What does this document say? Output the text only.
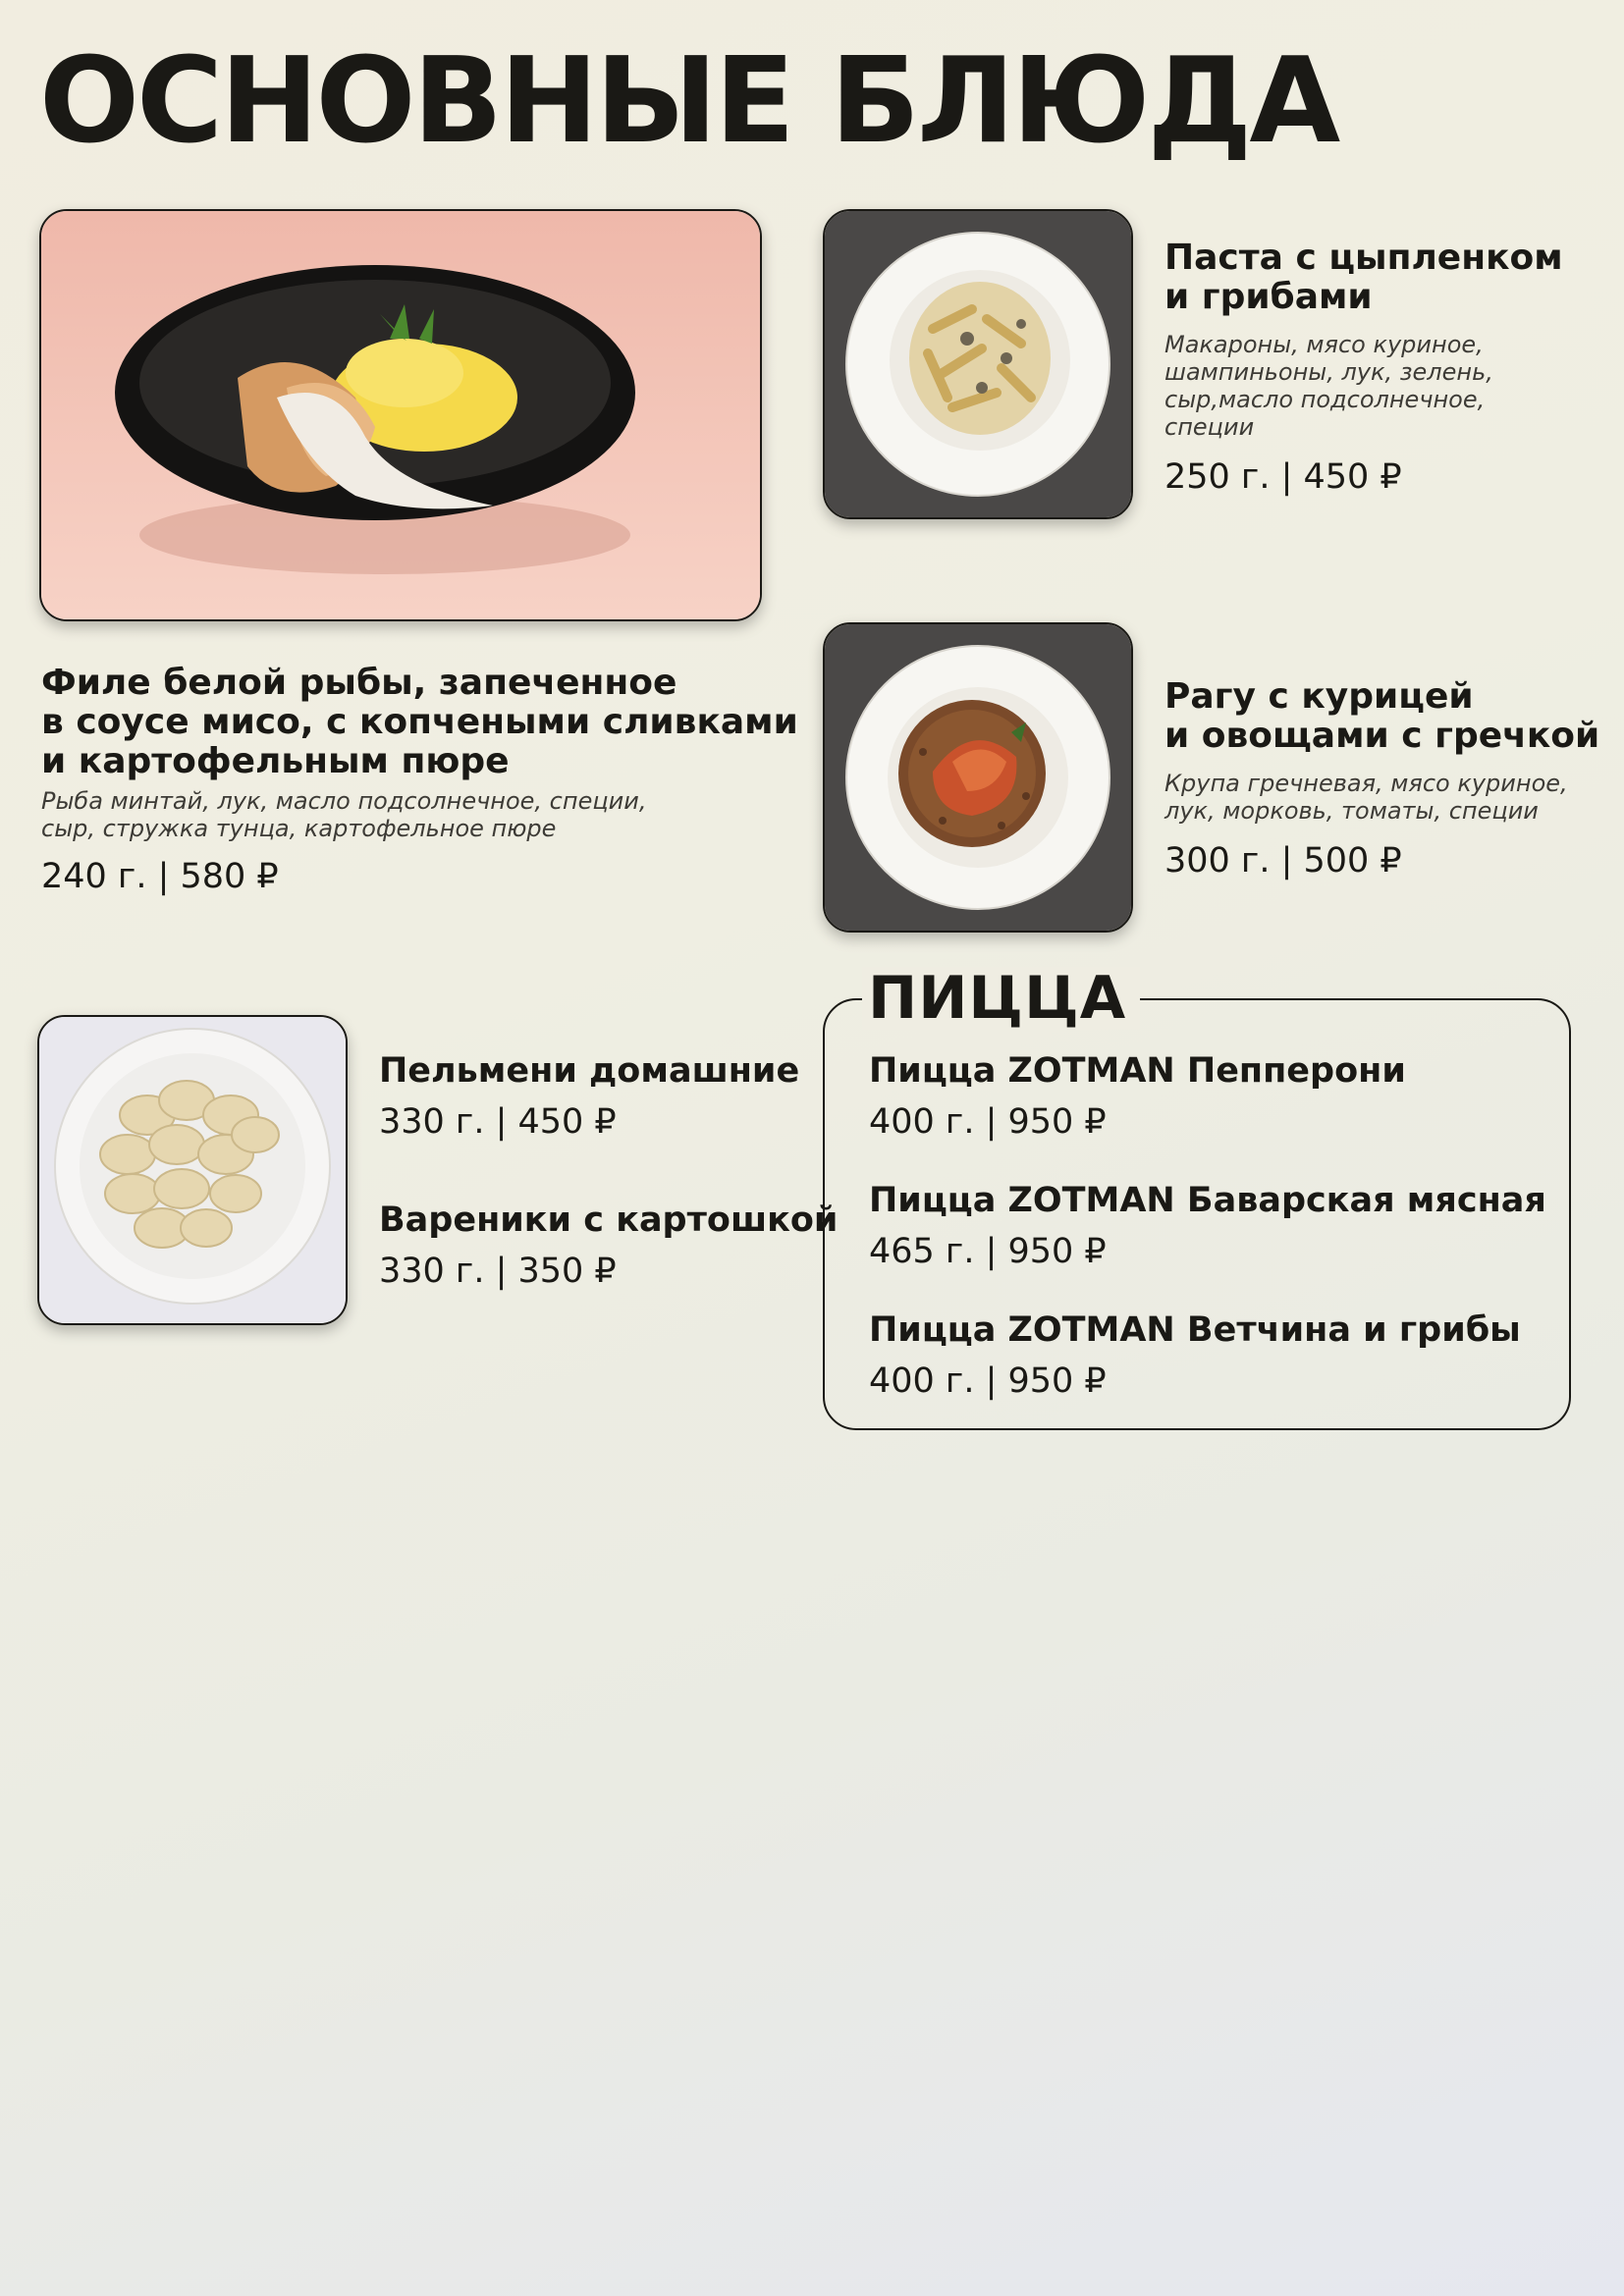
ОСНОВНЫЕ БЛЮДА

Филе белой рыбы, запеченное

в соусе мисо, с копчеными сливками

и картофельным пюре

Рыба минтай, лук, масло подсолнечное, специи,

сыр, стружка тунца, картофельное пюре

240 г. | 580 ₽

Паста с цыпленком

и грибами

Макароны, мясо куриное,

шампиньоны, лук, зелень,

сыр,масло подсолнечное,

специи

250 г. | 450 ₽

Рагу с курицей

и овощами с гречкой

Крупа гречневая, мясо куриное,

лук, морковь, томаты, специи

300 г. | 500 ₽

Пельмени домашние

330 г. | 450 ₽

Вареники с картошкой

330 г. | 350 ₽

ПИЦЦА

Пицца ZOTMAN Пепперони

400 г. | 950 ₽

Пицца ZOTMAN Баварская мясная

465 г. | 950 ₽

Пицца ZOTMAN Ветчина и грибы

400 г. | 950 ₽
